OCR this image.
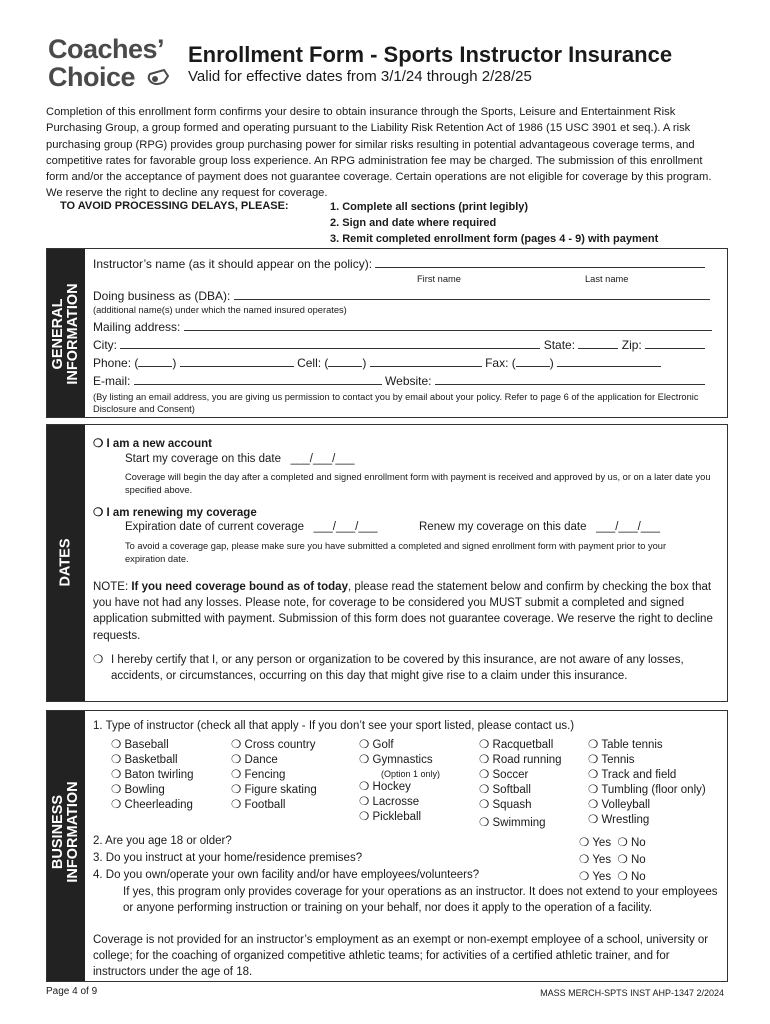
Coaches’
Choice
Enrollment Form - Sports Instructor Insurance
Valid for effective dates from 3/1/24 through 2/28/25
Completion of this enrollment form confirms your desire to obtain insurance through the Sports, Leisure and Entertainment Risk Purchasing Group, a group formed and operating pursuant to the Liability Risk Retention Act of 1986 (15 USC 3901 et seq.). A risk purchasing group (RPG) provides group purchasing power for similar risks resulting in potential advantageous coverage terms, and competitive rates for favorable group loss experience. An RPG administration fee may be charged. The submission of this enrollment form and/or the acceptance of payment does not guarantee coverage. Certain operations are not eligible for coverage by this program. We reserve the right to decline any request for coverage.
TO AVOID PROCESSING DELAYS, PLEASE:	1. Complete all sections (print legibly)
2. Sign and date where required
3. Remit completed enrollment form (pages 4 - 9) with payment
GENERAL INFORMATION
Instructor’s name (as it should appear on the policy):
First name	Last name
Doing business as (DBA):
(additional name(s) under which the named insured operates)
Mailing address:
City:	State:	Zip:
Phone: (	)	Cell: (	)	Fax: (	)
E-mail:	Website:
(By listing an email address, you are giving us permission to contact you by email about your policy. Refer to page 6 of the application for Electronic Disclosure and Consent)
DATES
❍ I am a new account
Start my coverage on this date ___/___/___
Coverage will begin the day after a completed and signed enrollment form with payment is received and approved by us, or on a later date you specified above.
❍ I am renewing my coverage
Expiration date of current coverage ___/___/___	Renew my coverage on this date ___/___/___
To avoid a coverage gap, please make sure you have submitted a completed and signed enrollment form with payment prior to your expiration date.
NOTE: If you need coverage bound as of today, please read the statement below and confirm by checking the box that you have not had any losses. Please note, for coverage to be considered you MUST submit a completed and signed application submitted with payment. Submission of this form does not guarantee coverage. We reserve the right to decline requests.
❍ I hereby certify that I, or any person or organization to be covered by this insurance, are not aware of any losses, accidents, or circumstances, occurring on this day that might give rise to a claim under this insurance.
BUSINESS INFORMATION
1. Type of instructor (check all that apply - If you don’t see your sport listed, please contact us.)
❍ Baseball
❍ Basketball
❍ Baton twirling
❍ Bowling
❍ Cheerleading
❍ Cross country
❍ Dance
❍ Fencing
❍ Figure skating
❍ Football
❍ Golf
❍ Gymnastics
(Option 1 only)
❍ Hockey
❍ Lacrosse
❍ Pickleball
❍ Racquetball
❍ Road running
❍ Soccer
❍ Softball
❍ Squash
❍ Swimming
❍ Table tennis
❍ Tennis
❍ Track and field
❍ Tumbling (floor only)
❍ Volleyball
❍ Wrestling
2. Are you age 18 or older?	❍ Yes ❍ No
3. Do you instruct at your home/residence premises?	❍ Yes ❍ No
4. Do you own/operate your own facility and/or have employees/volunteers?	❍ Yes ❍ No
If yes, this program only provides coverage for your operations as an instructor. It does not extend to your employees or anyone performing instruction or training on your behalf, nor does it apply to the operation of a facility.
Coverage is not provided for an instructor’s employment as an exempt or non-exempt employee of a school, university or college; for the coaching of organized competitive athletic teams; for activities of a certified athletic trainer, and for instructors under the age of 18.
Page 4 of 9	MASS MERCH-SPTS INST AHP-1347 2/2024
